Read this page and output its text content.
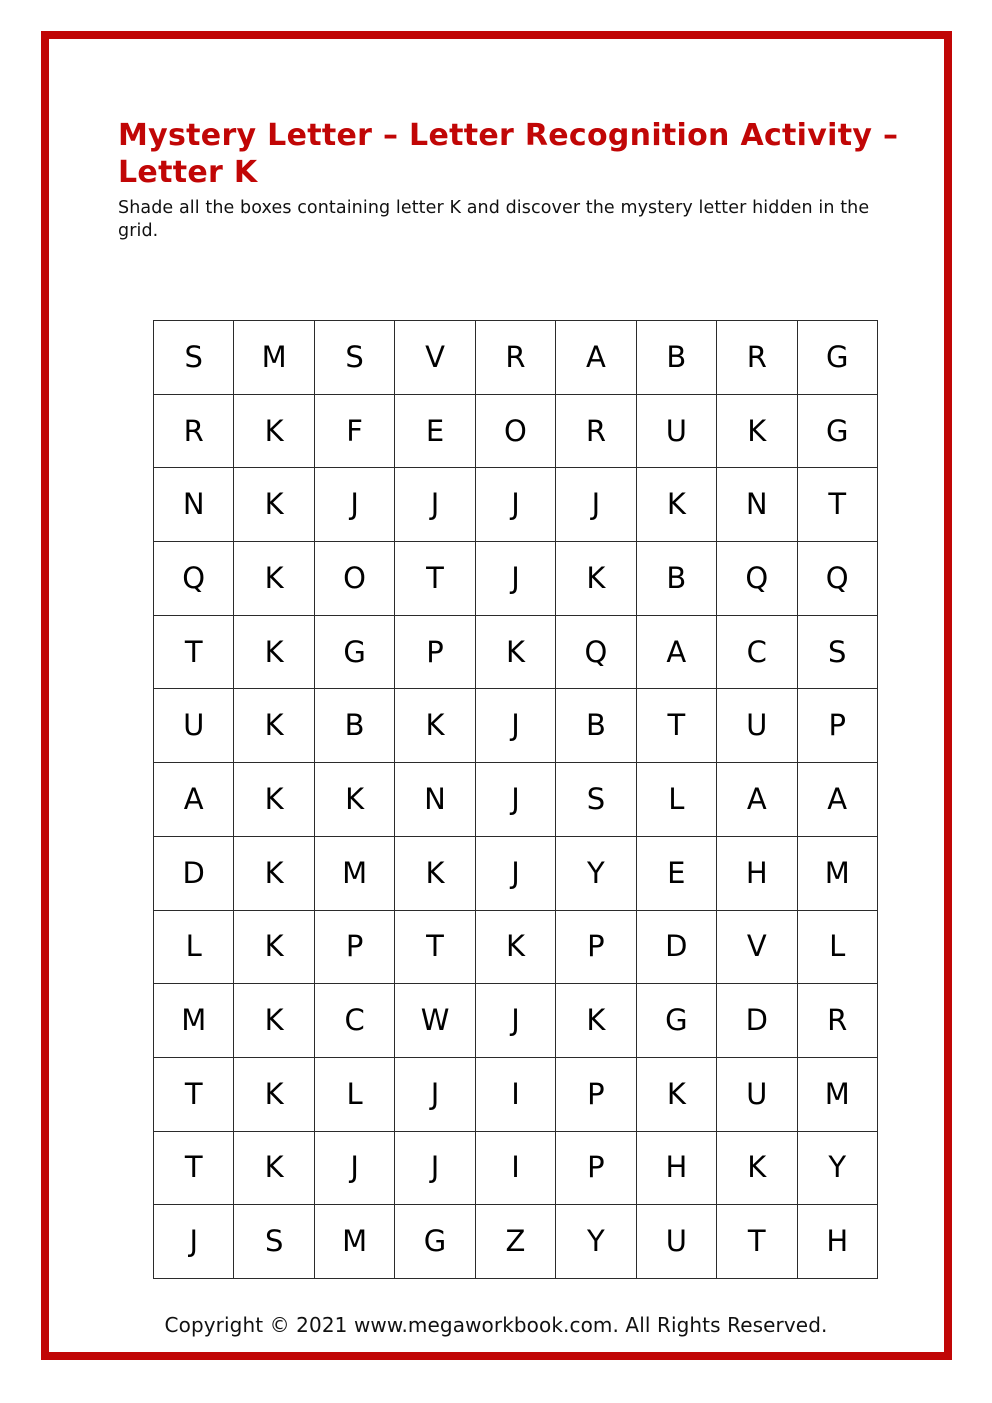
Mystery Letter – Letter Recognition Activity – Letter K

Shade all the boxes containing letter K and discover the mystery letter hidden in the grid.

S	M	S	V	R	A	B	R	G
R	K	F	E	O	R	U	K	G
N	K	J	J	J	J	K	N	T
Q	K	O	T	J	K	B	Q	Q
T	K	G	P	K	Q	A	C	S
U	K	B	K	J	B	T	U	P
A	K	K	N	J	S	L	A	A
D	K	M	K	J	Y	E	H	M
L	K	P	T	K	P	D	V	L
M	K	C	W	J	K	G	D	R
T	K	L	J	I	P	K	U	M
T	K	J	J	I	P	H	K	Y
J	S	M	G	Z	Y	U	T	H
Copyright © 2021 www.megaworkbook.com. All Rights Reserved.
